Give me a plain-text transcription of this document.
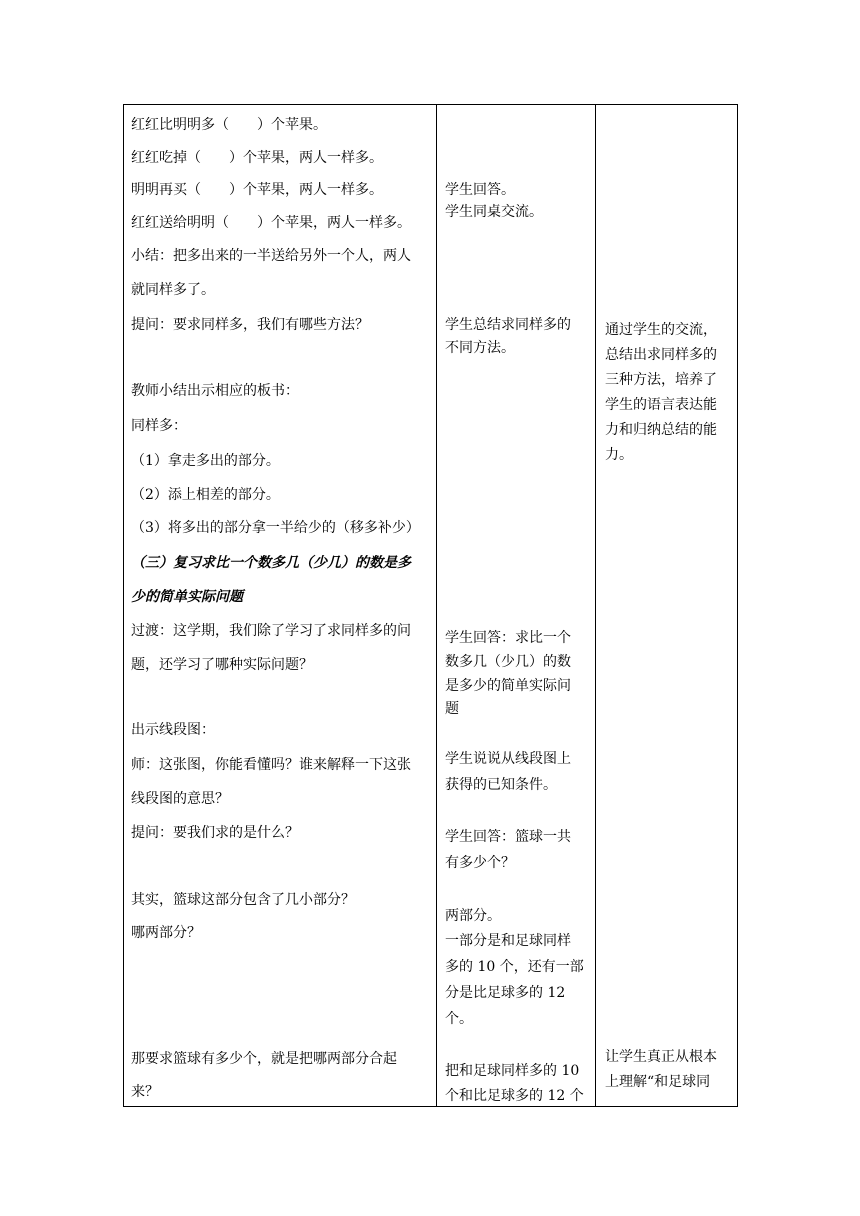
红红比明明多（　　）个苹果。
红红吃掉（　　）个苹果，两人一样多。
明明再买（　　）个苹果，两人一样多。
红红送给明明（　　）个苹果，两人一样多。
小结：把多出来的一半送给另外一个人，两人
就同样多了。
提问：要求同样多，我们有哪些方法？
教师小结出示相应的板书：
同样多：
（1）拿走多出的部分。
（2）添上相差的部分。
（3）将多出的部分拿一半给少的（移多补少）
（三）复习求比一个数多几（少几）的数是多
少的简单实际问题
过渡：这学期，我们除了学习了求同样多的问
题，还学习了哪种实际问题？
出示线段图：
师：这张图，你能看懂吗？谁来解释一下这张
线段图的意思？
提问：要我们求的是什么？
其实，篮球这部分包含了几小部分？
哪两部分？
那要求篮球有多少个，就是把哪两部分合起
来？
学生回答。
学生同桌交流。
学生总结求同样多的
不同方法。
学生回答：求比一个
数多几（少几）的数
是多少的简单实际问
题
学生说说从线段图上
获得的已知条件。
学生回答：篮球一共
有多少个？
两部分。
一部分是和足球同样
多的 10 个，还有一部
分是比足球多的 12
个。
把和足球同样多的 10
个和比足球多的 12 个
通过学生的交流，
总结出求同样多的
三种方法，培养了
学生的语言表达能
力和归纳总结的能
力。
让学生真正从根本
上理解“和足球同
